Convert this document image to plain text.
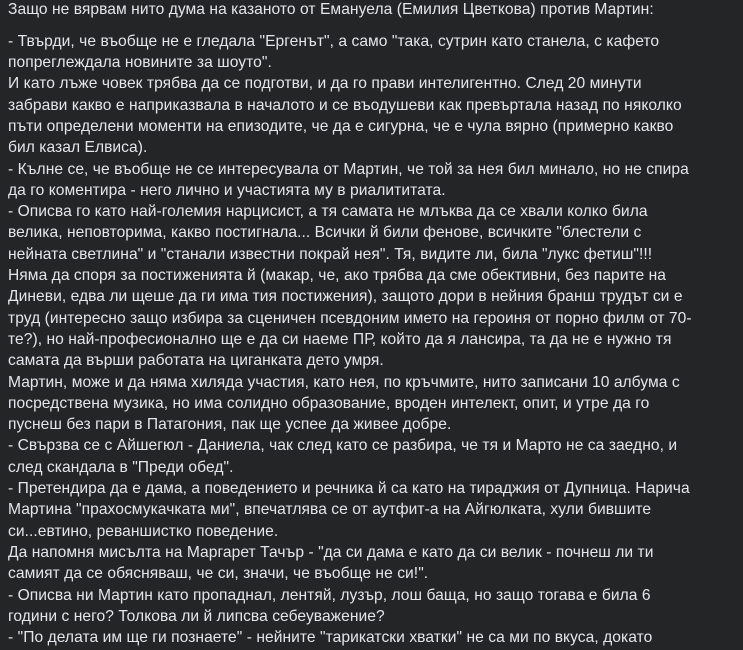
Защо не вярвам нито дума на казаното от Емануела (Емилия Цветкова) против Мартин:
- Твърди, че въобще не е гледала "Ергенът", а само "така, сутрин като станела, с кафето
попреглеждала новините за шоуто".
И като лъже човек трябва да се подготви, и да го прави интелигентно. След 20 минути
забрави какво е наприказвала в началото и се въодушеви как превъртала назад по няколко
пъти определени моменти на епизодите, че да е сигурна, че е чула вярно (примерно какво
бил казал Елвиса).
- Кълне се, че въобще не се интересувала от Мартин, че той за нея бил минало, но не спира
да го коментира - него лично и участията му в риалититата.
- Описва го като най-големия нарцисист, а тя самата не млъква да се хвали колко била
велика, неповторима, какво постигнала... Всички й били фенове, всичките "блестели с
нейната светлина" и "станали известни покрай нея". Тя, видите ли, била "лукс фетиш"!!!
Няма да споря за постиженията й (макар, че, ако трябва да сме обективни, без парите на
Диневи, едва ли щеше да ги има тия постижения), защото дори в нейния бранш трудът си е
труд (интересно защо избира за сценичен псевдоним името на героиня от порно филм от 70-
те?), но най-професионално ще е да си наеме ПР, който да я лансира, та да не е нужно тя
самата да върши работата на циганката дето умря.
Мартин, може и да няма хиляда участия, като нея, по кръчмите, нито записани 10 албума с
посредствена музика, но има солидно образование, вроден интелект, опит, и утре да го
пуснеш без пари в Патагония, пак ще успее да живее добре.
- Свързва се с Айшегюл - Даниела, чак след като се разбира, че тя и Марто не са заедно, и
след скандала в "Преди обед".
- Претендира да е дама, а поведението и речника й са като на тираджия от Дупница. Нарича
Мартина "прахосмукачката ми", впечатлява се от аутфит-а на Айгюлката, хули бившите
си...евтино, реваншистко поведение.
Да напомня мисълта на Маргарет Тачър - "да си дама е като да си велик - почнеш ли ти
самият да се обясняваш, че си, значи, че въобще не си!".
- Описва ни Мартин като пропаднал, лентяй, лузър, лош баща, но защо тогава е била 6
години с него? Толкова ли й липсва себеуважение?
- "По делата им ще ги познаете" - нейните "тарикатски хватки" не са ми по вкуса, докато
